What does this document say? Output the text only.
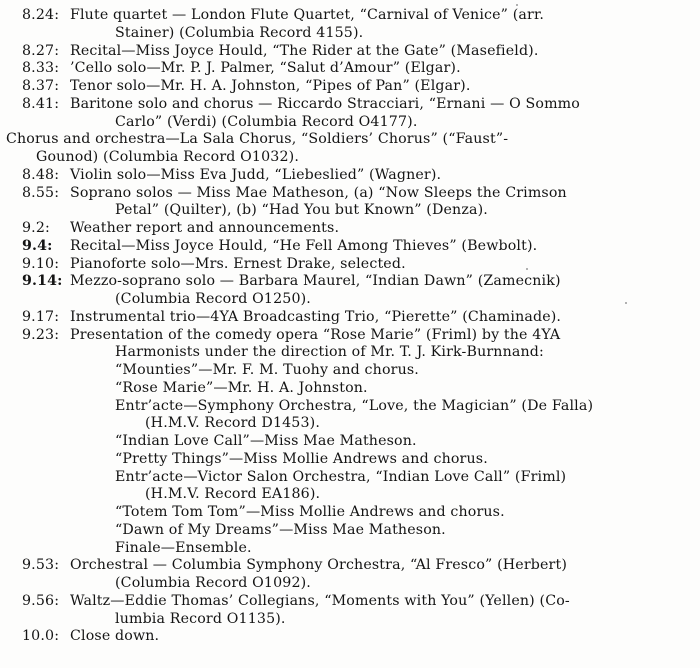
8.24: Flute quartet — London Flute Quartet, “Carnival of Venice” (arr.
Stainer) (Columbia Record 4155).
8.27: Recital—Miss Joyce Hould, “The Rider at the Gate” (Masefield).
8.33: ’Cello solo—Mr. P. J. Palmer, “Salut d’Amour” (Elgar).
8.37: Tenor solo—Mr. H. A. Johnston, “Pipes of Pan” (Elgar).
8.41: Baritone solo and chorus — Riccardo Stracciari, “Ernani — O Sommo
Carlo” (Verdi) (Columbia Record O4177).
Chorus and orchestra—La Sala Chorus, “Soldiers’ Chorus” (“Faust”-
Gounod) (Columbia Record O1032).
8.48: Violin solo—Miss Eva Judd, “Liebeslied” (Wagner).
8.55: Soprano solos — Miss Mae Matheson, (a) “Now Sleeps the Crimson
Petal” (Quilter), (b) “Had You but Known” (Denza).
9.2:	Weather report and announcements.
9.4:	Recital—Miss Joyce Hould, “He Fell Among Thieves” (Bewbolt).
9.10: Pianoforte solo—Mrs. Ernest Drake, selected.
9.14: Mezzo-soprano solo — Barbara Maurel, “Indian Dawn” (Zamecnik)
(Columbia Record O1250).
9.17: Instrumental trio—4YA Broadcasting Trio, “Pierette” (Chaminade).
9.23: Presentation of the comedy opera “Rose Marie” (Friml) by the 4YA
Harmonists under the direction of Mr. T. J. Kirk-Burnnand:
“Mounties”—Mr. F. M. Tuohy and chorus.
“Rose Marie”—Mr. H. A. Johnston.
Entr’acte—Symphony Orchestra, “Love, the Magician” (De Falla)
(H.M.V. Record D1453).
“Indian Love Call”—Miss Mae Matheson.
“Pretty Things”—Miss Mollie Andrews and chorus.
Entr’acte—Victor Salon Orchestra, “Indian Love Call” (Friml)
(H.M.V. Record EA186).
“Totem Tom Tom”—Miss Mollie Andrews and chorus.
“Dawn of My Dreams”—Miss Mae Matheson.
Finale—Ensemble.
9.53: Orchestral — Columbia Symphony Orchestra, “Al Fresco” (Herbert)
(Columbia Record O1092).
9.56: Waltz—Eddie Thomas’ Collegians, “Moments with You” (Yellen) (Co-
lumbia Record O1135).
10.0: Close down.
